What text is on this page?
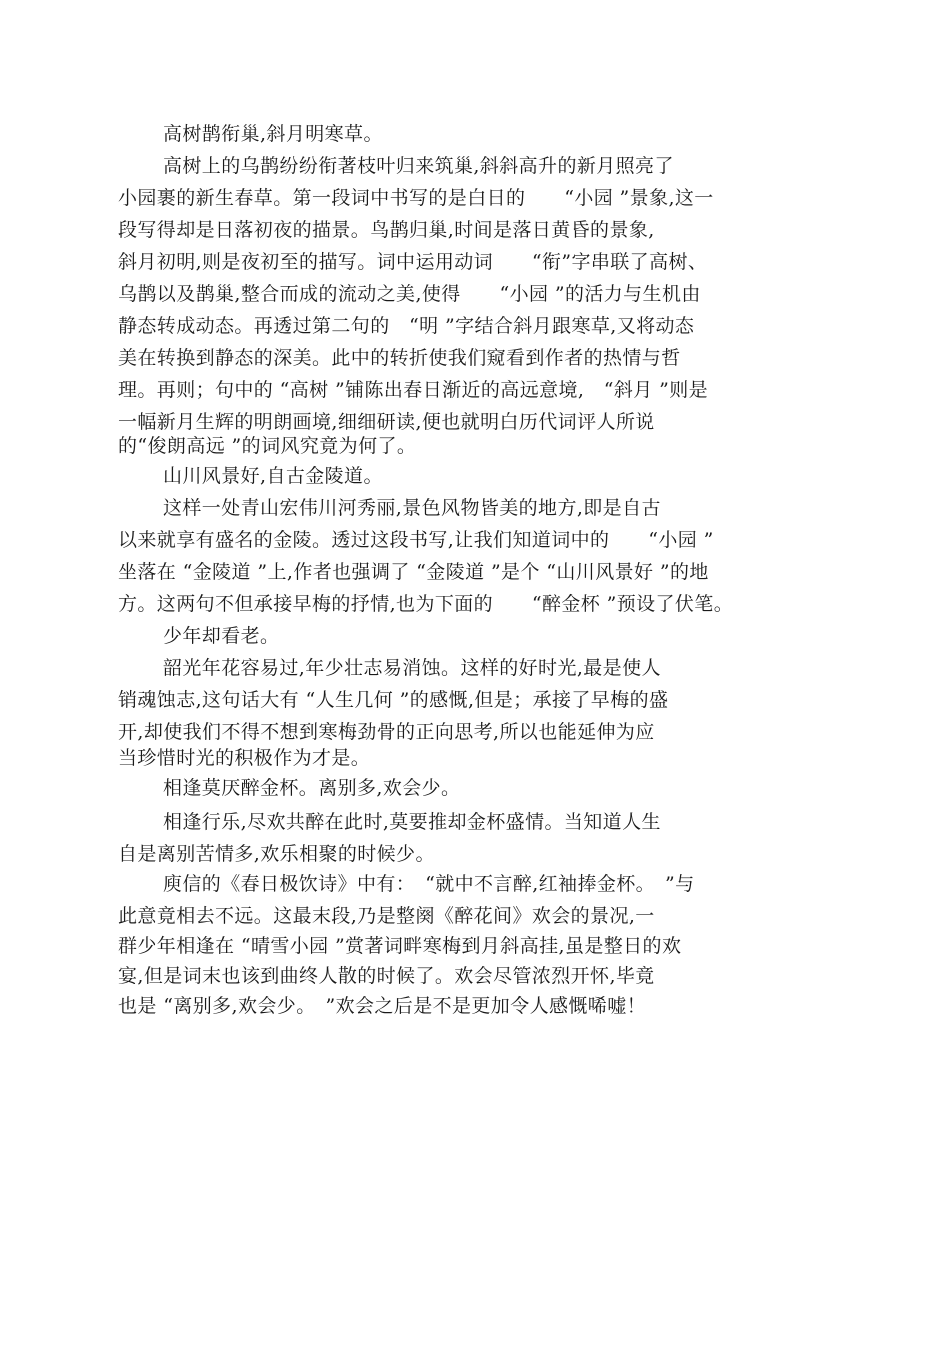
高树鹊衔巢,斜月明寒草。
高树上的乌鹊纷纷衔著枝叶归来筑巢,斜斜高升的新月照亮了
小园裹的新生春草。第一段词中书写的是白日的　　“小园 ”景象,这一
段写得却是日落初夜的描景。鸟鹊归巢,时间是落日黄昏的景象,
斜月初明,则是夜初至的描写。词中运用动词　　“衔”字串联了高树、
乌鹊以及鹊巢,整合而成的流动之美,使得　　“小园 ”的活力与生机由
静态转成动态。再透过第二句的　“明 ”字结合斜月跟寒草,又将动态
美在转换到静态的深美。此中的转折使我们窥看到作者的热情与哲
理。再则；句中的 “高树 ”铺陈出春日渐近的高远意境,　“斜月 ”则是
一幅新月生辉的明朗画境,细细研读,便也就明白历代词评人所说
的“俊朗高远 ”的词风究竟为何了。
山川风景好,自古金陵道。
这样一处青山宏伟川河秀丽,景色风物皆美的地方,即是自古
以来就享有盛名的金陵。透过这段书写,让我们知道词中的　　“小园 ”
坐落在 “金陵道 ”上,作者也强调了 “金陵道 ”是个 “山川风景好 ”的地
方。这两句不但承接早梅的抒情,也为下面的　　“醉金杯 ”预设了伏笔。
少年却看老。
韶光年花容易过,年少壮志易消蚀。这样的好时光,最是使人
销魂蚀志,这句话大有 “人生几何 ”的感慨,但是；承接了早梅的盛
开,却使我们不得不想到寒梅劲骨的正向思考,所以也能延伸为应
当珍惜时光的积极作为才是。
相逢莫厌醉金杯。离别多,欢会少。
相逢行乐,尽欢共醉在此时,莫要推却金杯盛情。当知道人生
自是离别苦情多,欢乐相聚的时候少。
庾信的《春日极饮诗》中有：　“就中不言醉,红袖捧金杯。　”与
此意竟相去不远。这最末段,乃是整阕《醉花间》欢会的景况,一
群少年相逢在 “晴雪小园 ”赏著词畔寒梅到月斜高挂,虽是整日的欢
宴,但是词末也该到曲终人散的时候了。欢会尽管浓烈开怀,毕竟
也是 “离别多,欢会少。　”欢会之后是不是更加令人感慨唏嘘！
